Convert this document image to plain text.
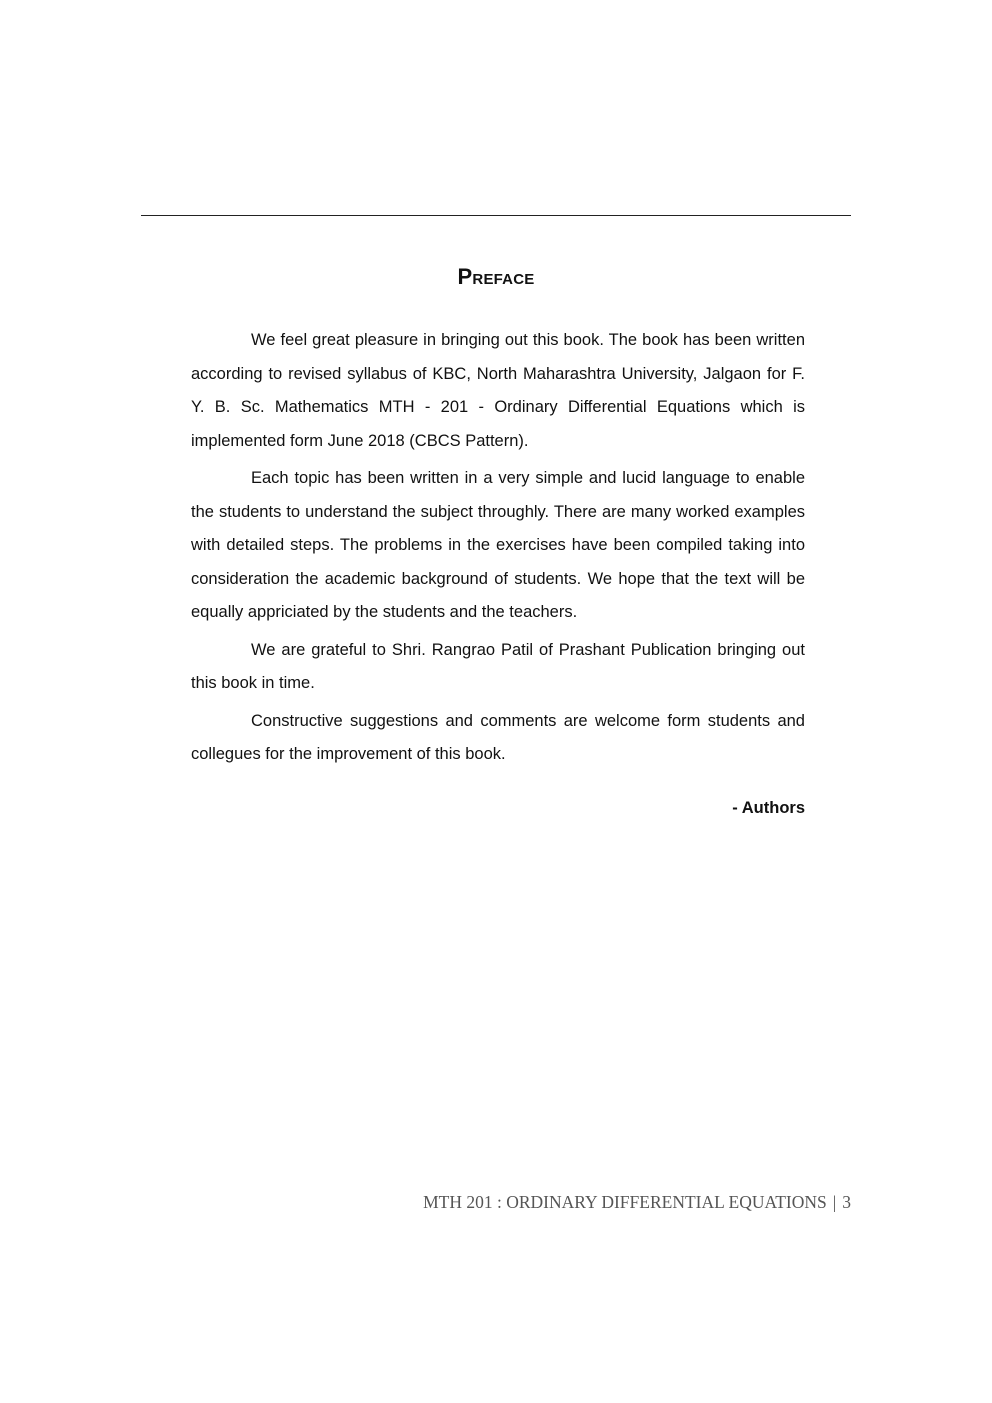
Preface

We feel great pleasure in bringing out this book. The book has been written according to revised syllabus of KBC, North Maharashtra University, Jalgaon for F. Y. B. Sc. Mathematics MTH - 201 - Ordinary Differential Equations which is implemented form June 2018 (CBCS Pattern).

Each topic has been written in a very simple and lucid language to enable the students to understand the subject throughly. There are many worked examples with detailed steps. The problems in the exercises have been compiled taking into consideration the academic background of students. We hope that the text will be equally appriciated by the students and the teachers.

We are grateful to Shri. Rangrao Patil of Prashant Publication bringing out this book in time.

Constructive suggestions and comments are welcome form students and collegues for the improvement of this book.

- Authors
MTH 201 : ORDINARY DIFFERENTIAL EQUATIONS | 3
